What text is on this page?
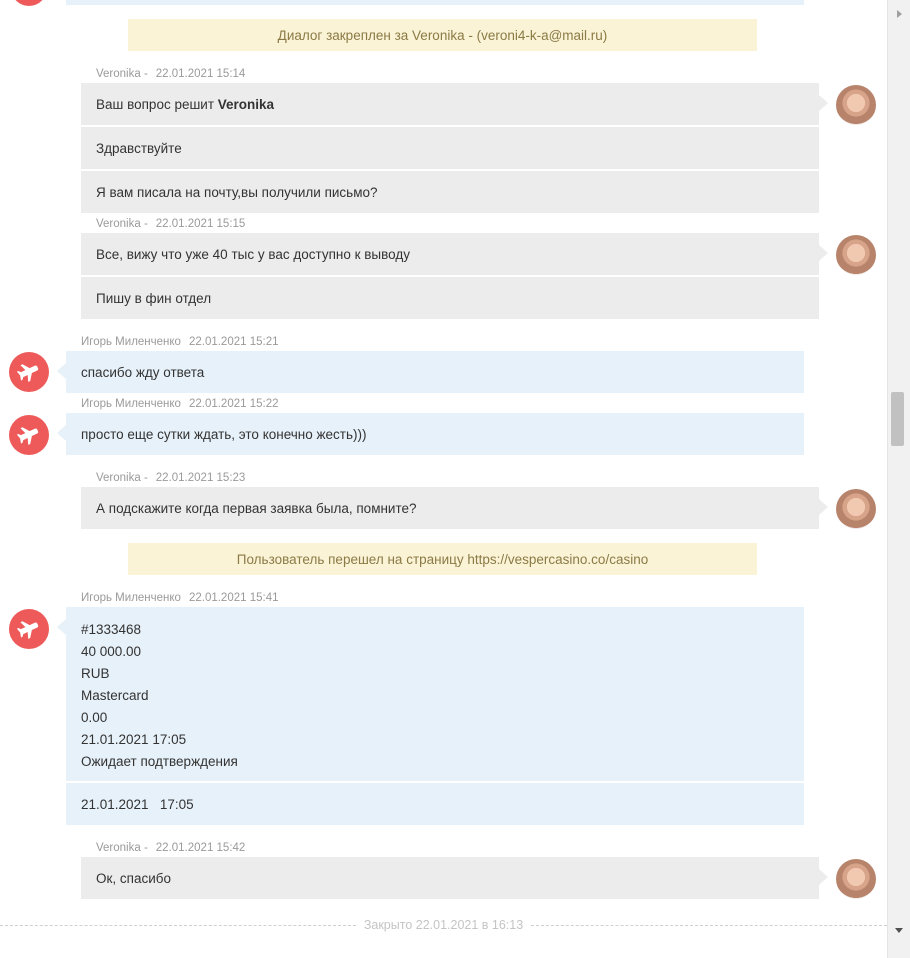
Диалог закреплен за Veronika - (veroni4-k-a@mail.ru)
Veronika - 22.01.2021 15:14
Ваш вопрос решит Veronika
Здравствуйте
Я вам писала на почту,вы получили письмо?
Veronika - 22.01.2021 15:15
Все, вижу что уже 40 тыс у вас доступно к выводу
Пишу в фин отдел
Игорь Миленченко 22.01.2021 15:21
спасибо жду ответа
Игорь Миленченко 22.01.2021 15:22
просто еще сутки ждать, это конечно жесть)))
Veronika - 22.01.2021 15:23
А подскажите когда первая заявка была, помните?
Пользователь перешел на страницу https://vespercasino.co/casino
Игорь Миленченко 22.01.2021 15:41
#1333468
40 000.00
RUB
Mastercard
0.00
21.01.2021 17:05
Ожидает подтверждения
21.01.2021   17:05
Veronika - 22.01.2021 15:42
Ок, спасибо
Закрыто 22.01.2021 в 16:13
